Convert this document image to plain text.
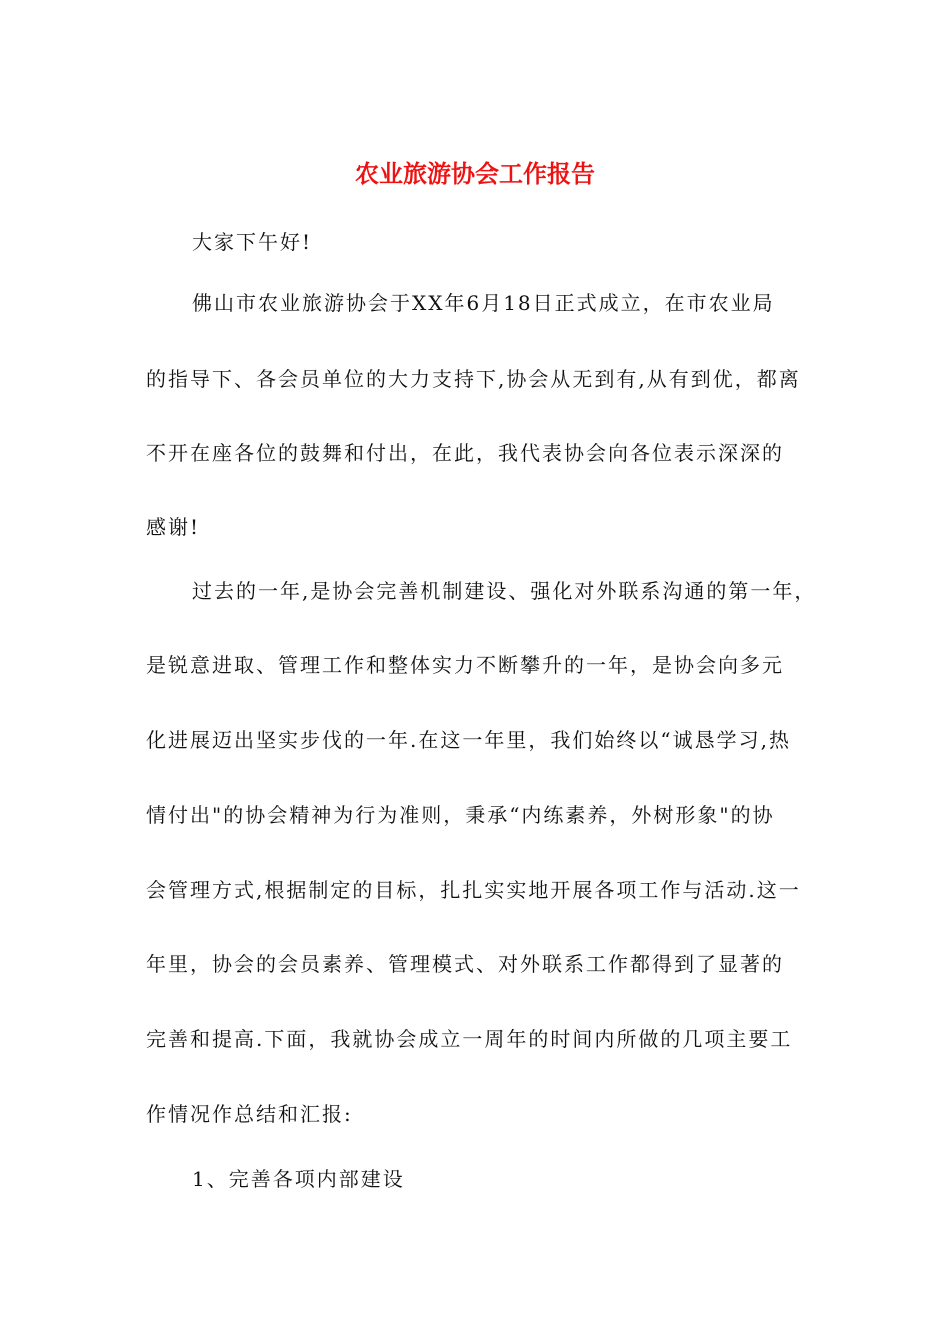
农业旅游协会工作报告
大家下午好!
佛山市农业旅游协会于XX年6月18日正式成立，在市农业局
的指导下、各会员单位的大力支持下,协会从无到有,从有到优，都离
不开在座各位的鼓舞和付出，在此，我代表协会向各位表示深深的
感谢!
过去的一年,是协会完善机制建设、强化对外联系沟通的第一年，
是锐意进取、管理工作和整体实力不断攀升的一年，是协会向多元
化进展迈出坚实步伐的一年.在这一年里，我们始终以“诚恳学习,热
情付出"的协会精神为行为准则，秉承“内练素养，外树形象"的协
会管理方式,根据制定的目标，扎扎实实地开展各项工作与活动.这一
年里，协会的会员素养、管理模式、对外联系工作都得到了显著的
完善和提高.下面，我就协会成立一周年的时间内所做的几项主要工
作情况作总结和汇报:
1、完善各项内部建设
